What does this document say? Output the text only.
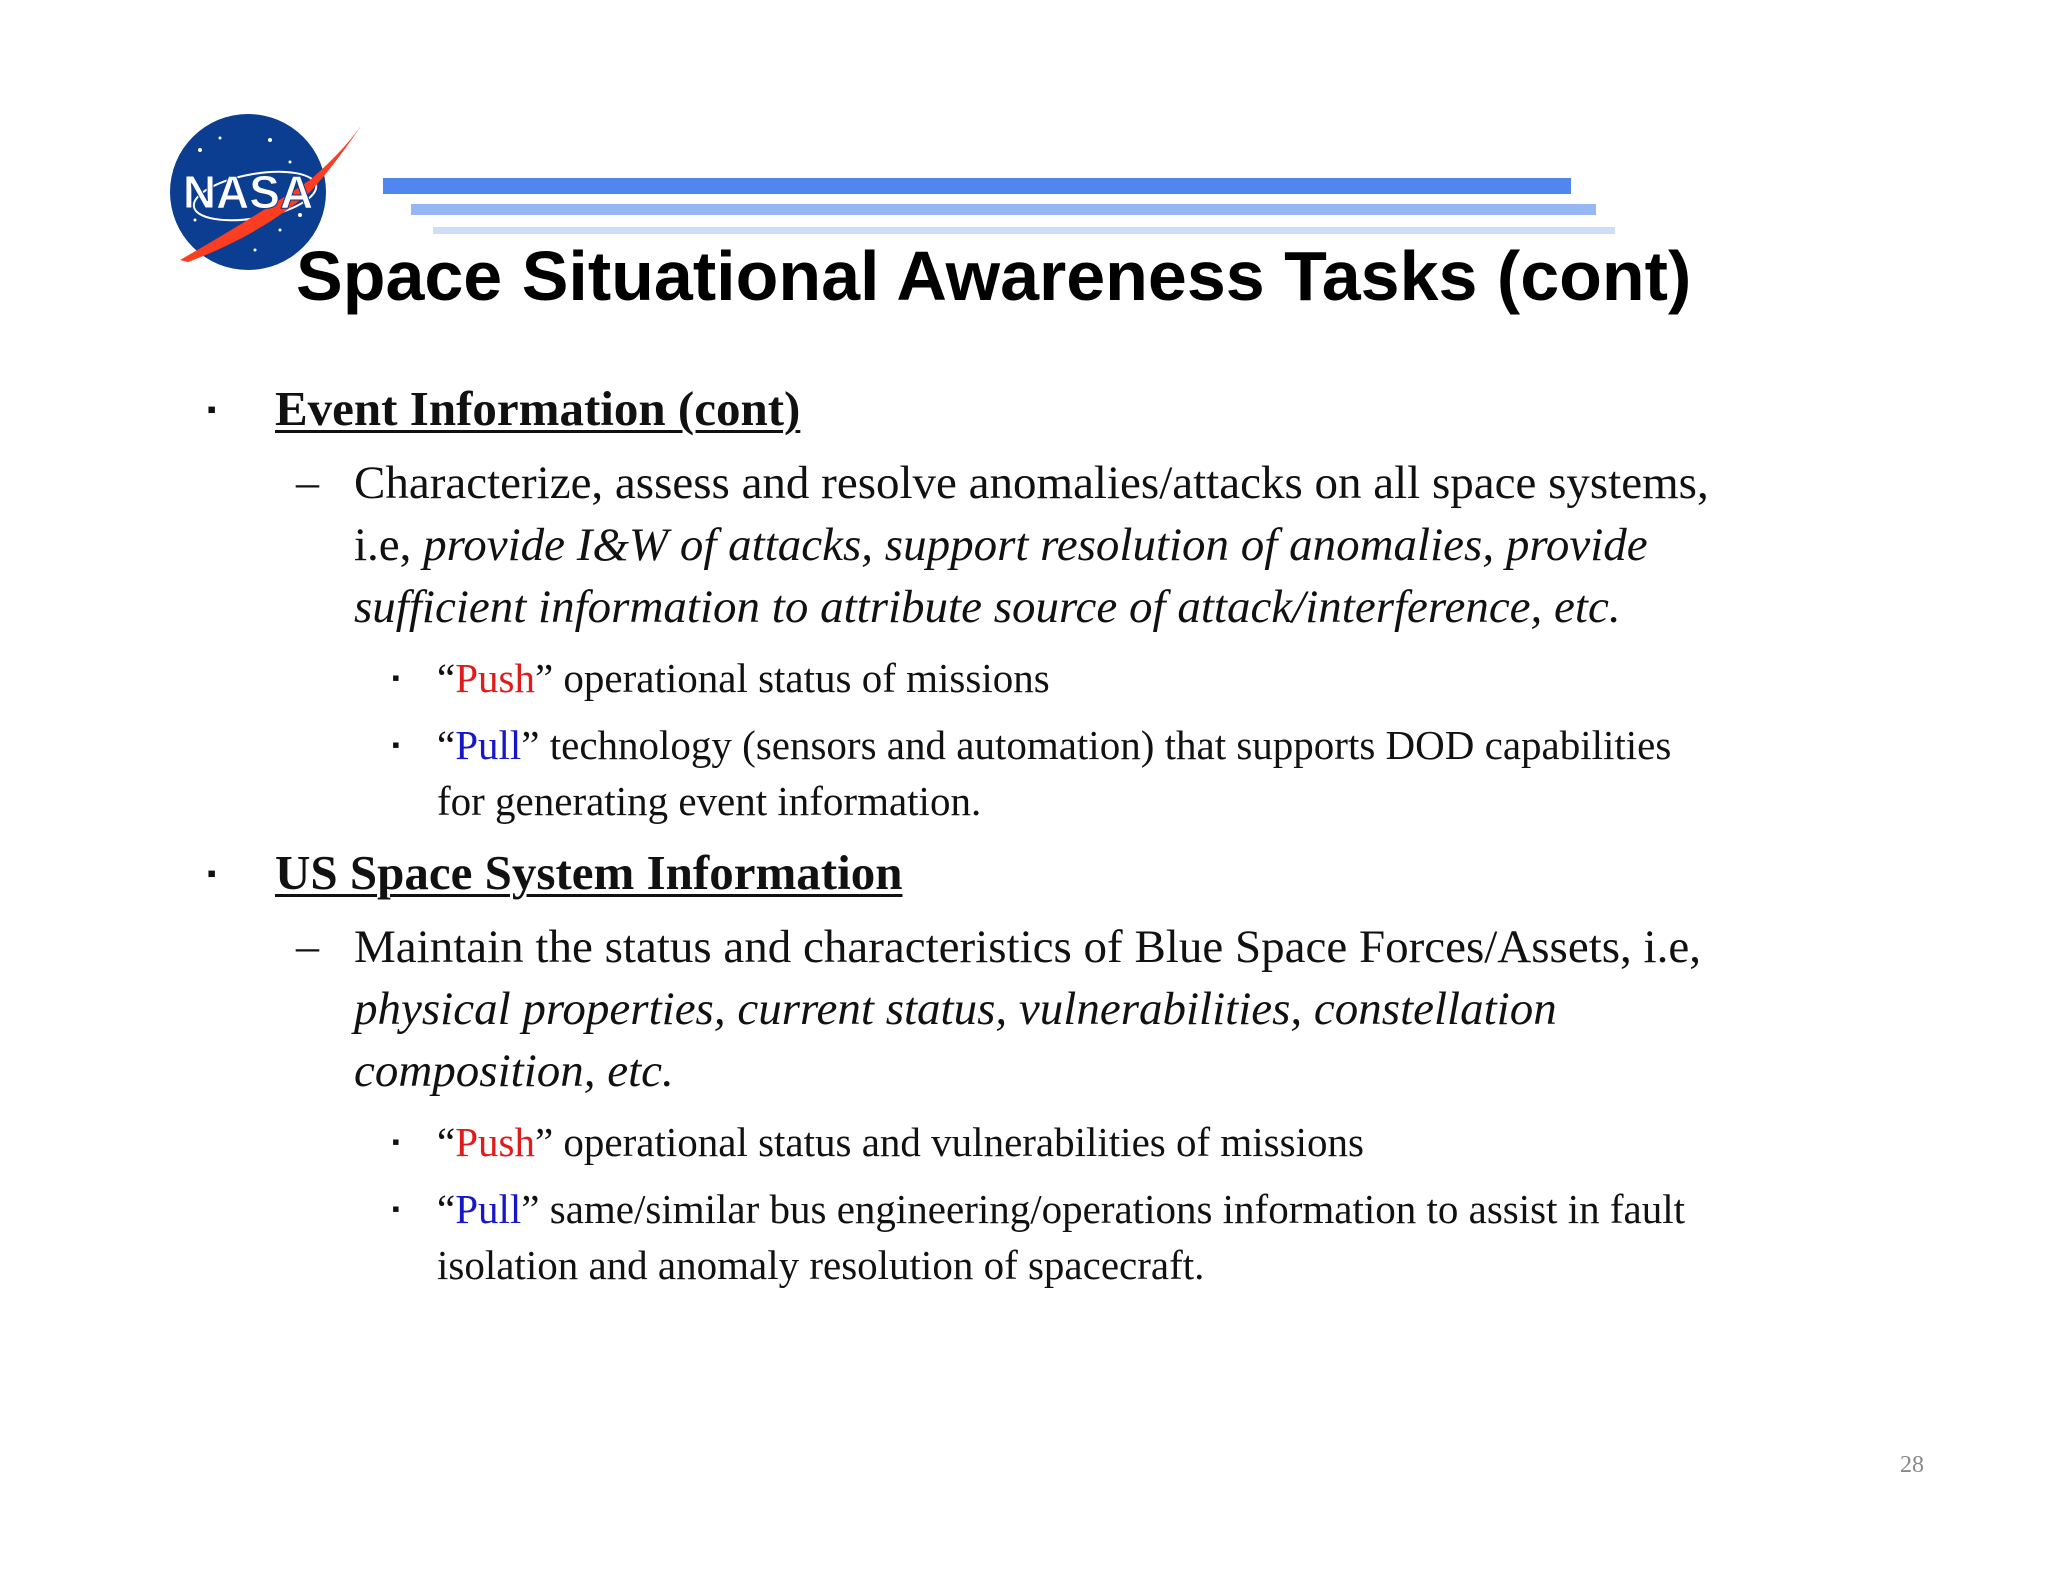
NASA
Space Situational Awareness Tasks (cont)
▪ Event Information (cont)
– Characterize, assess and resolve anomalies/attacks on all space systems,
i.e, provide I&W of attacks, support resolution of anomalies, provide
sufficient information to attribute source of attack/interference, etc.
▪ “Push” operational status of missions
▪ “Pull” technology (sensors and automation) that supports DOD capabilities
for generating event information.
▪ US Space System Information
– Maintain the status and characteristics of Blue Space Forces/Assets, i.e,
physical properties, current status, vulnerabilities, constellation
composition, etc.
▪ “Push” operational status and vulnerabilities of missions
▪ “Pull” same/similar bus engineering/operations information to assist in fault
isolation and anomaly resolution of spacecraft.
28
